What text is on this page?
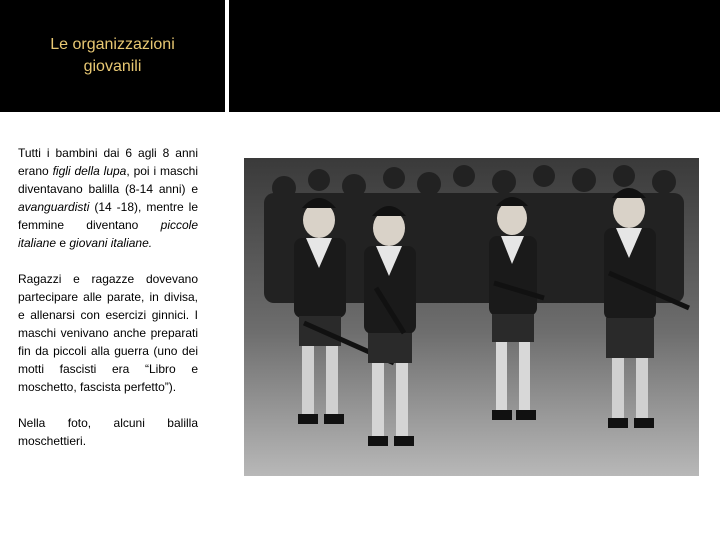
Le organizzazioni
giovanili

Tutti i bambini dai 6 agli 8 anni erano figli della lupa, poi i maschi diventavano balilla (8-14 anni) e avanguardisti (14 -18), mentre le femmine diventano piccole italiane e giovani italiane.

Ragazzi e ragazze dovevano partecipare alle parate, in divisa, e allenarsi con esercizi ginnici. I maschi venivano anche preparati fin da piccoli alla guerra (uno dei motti fascisti era “Libro e moschetto, fascista perfetto”).

Nella foto, alcuni balilla moschettieri.
